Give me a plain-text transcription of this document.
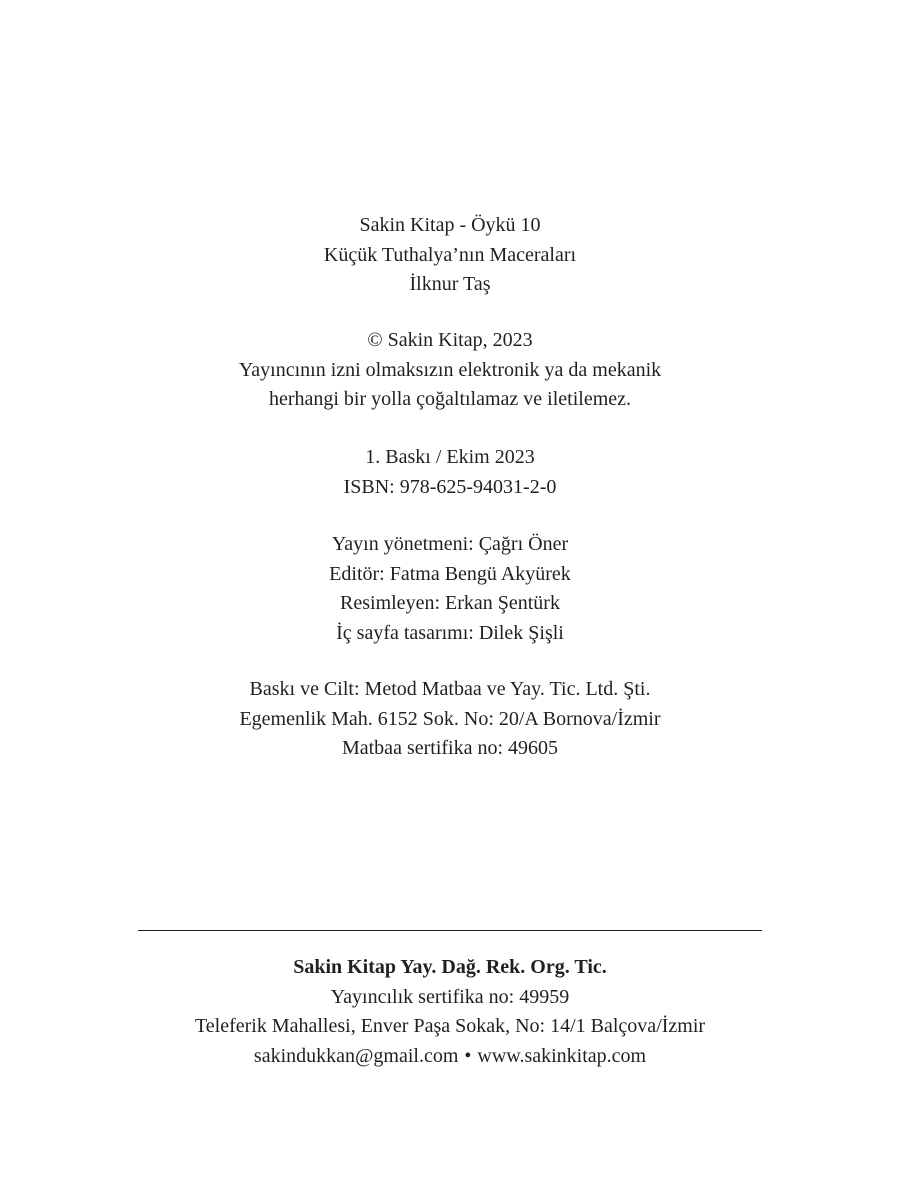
Sakin Kitap - Öykü 10
Küçük Tuthalya’nın Maceraları
İlknur Taş
© Sakin Kitap, 2023
Yayıncının izni olmaksızın elektronik ya da mekanik
herhangi bir yolla çoğaltılamaz ve iletilemez.
1. Baskı / Ekim 2023
ISBN: 978-625-94031-2-0
Yayın yönetmeni: Çağrı Öner
Editör: Fatma Bengü Akyürek
Resimleyen: Erkan Şentürk
İç sayfa tasarımı: Dilek Şişli
Baskı ve Cilt: Metod Matbaa ve Yay. Tic. Ltd. Şti.
Egemenlik Mah. 6152 Sok. No: 20/A Bornova/İzmir
Matbaa sertifika no: 49605
Sakin Kitap Yay. Dağ. Rek. Org. Tic.
Yayıncılık sertifika no: 49959
Teleferik Mahallesi, Enver Paşa Sokak, No: 14/1 Balçova/İzmir
sakindukkan@gmail.com • www.sakinkitap.com
